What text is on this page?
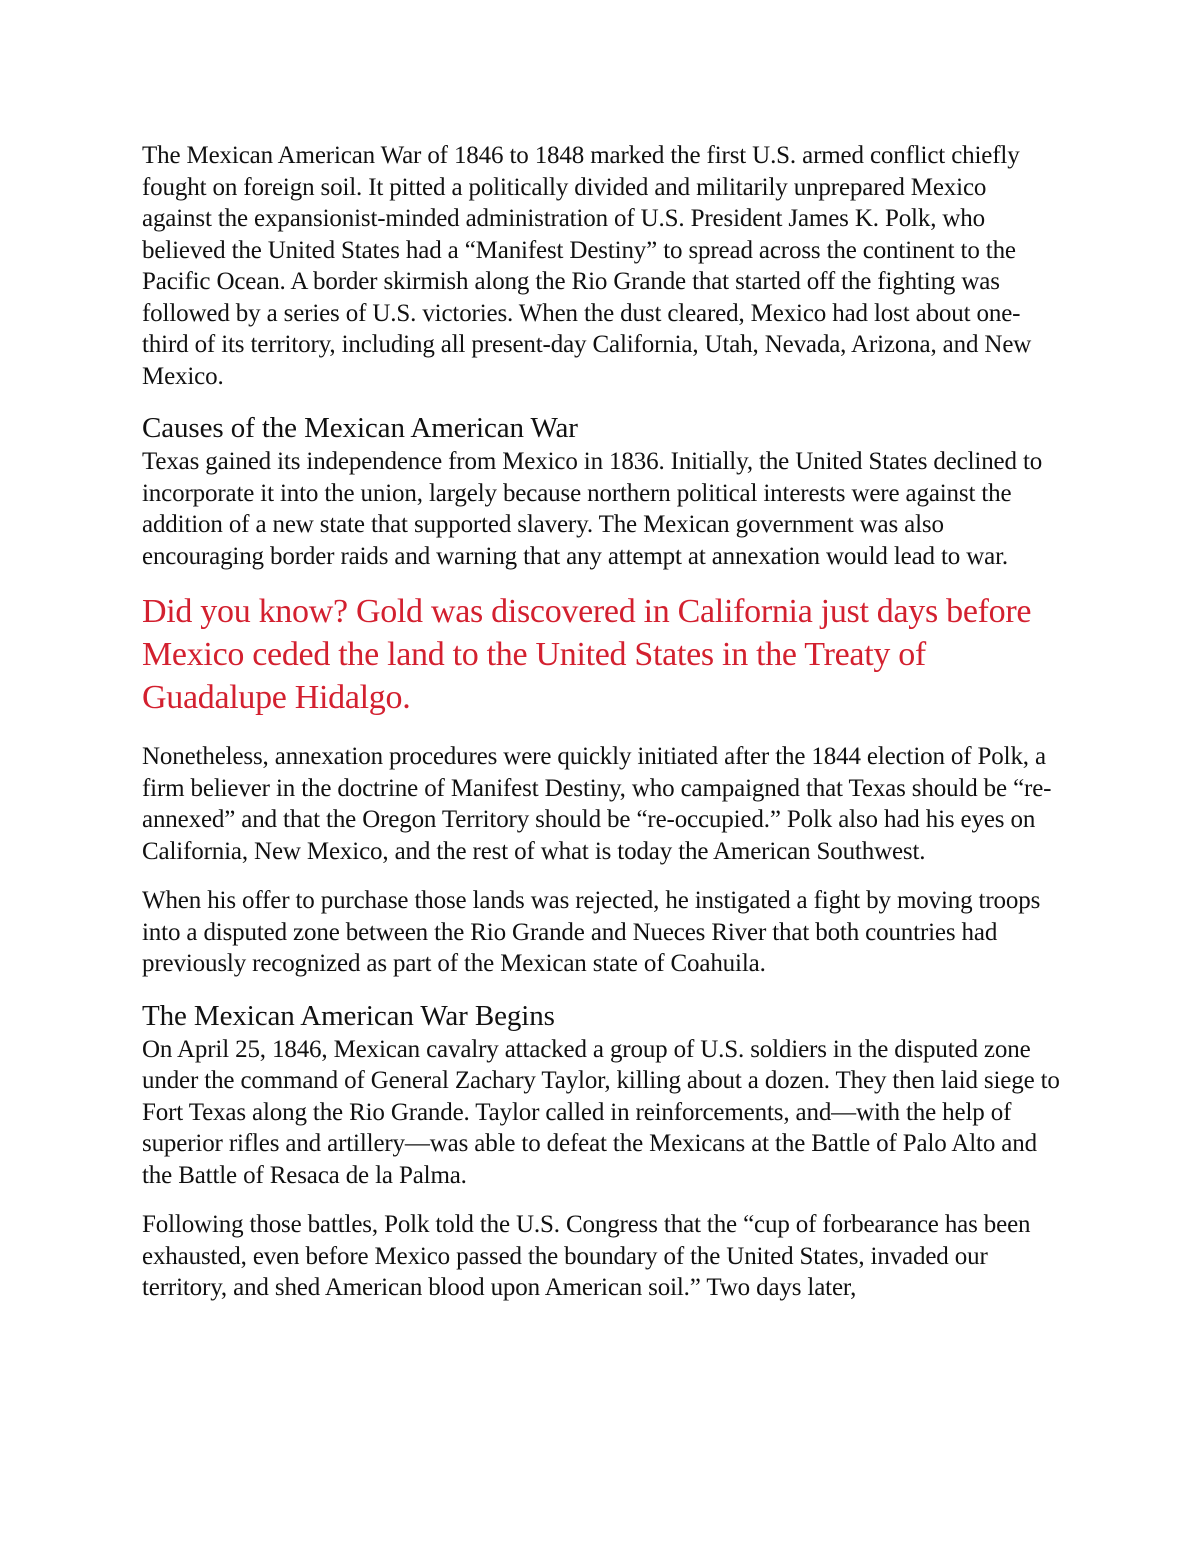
The Mexican American War of 1846 to 1848 marked the first U.S. armed conflict chiefly fought on foreign soil. It pitted a politically divided and militarily unprepared Mexico against the expansionist-minded administration of U.S. President James K. Polk, who believed the United States had a “Manifest Destiny” to spread across the continent to the Pacific Ocean. A border skirmish along the Rio Grande that started off the fighting was followed by a series of U.S. victories. When the dust cleared, Mexico had lost about one-third of its territory, including all present-day California, Utah, Nevada, Arizona, and New Mexico.

Causes of the Mexican American War

Texas gained its independence from Mexico in 1836. Initially, the United States declined to incorporate it into the union, largely because northern political interests were against the addition of a new state that supported slavery. The Mexican government was also encouraging border raids and warning that any attempt at annexation would lead to war.

Did you know? Gold was discovered in California just days before Mexico ceded the land to the United States in the Treaty of Guadalupe Hidalgo.

Nonetheless, annexation procedures were quickly initiated after the 1844 election of Polk, a firm believer in the doctrine of Manifest Destiny, who campaigned that Texas should be “re-annexed” and that the Oregon Territory should be “re-occupied.” Polk also had his eyes on California, New Mexico, and the rest of what is today the American Southwest.

When his offer to purchase those lands was rejected, he instigated a fight by moving troops into a disputed zone between the Rio Grande and Nueces River that both countries had previously recognized as part of the Mexican state of Coahuila.

The Mexican American War Begins

On April 25, 1846, Mexican cavalry attacked a group of U.S. soldiers in the disputed zone under the command of General Zachary Taylor, killing about a dozen. They then laid siege to Fort Texas along the Rio Grande. Taylor called in reinforcements, and—with the help of superior rifles and artillery—was able to defeat the Mexicans at the Battle of Palo Alto and the Battle of Resaca de la Palma.

Following those battles, Polk told the U.S. Congress that the “cup of forbearance has been exhausted, even before Mexico passed the boundary of the United States, invaded our territory, and shed American blood upon American soil.” Two days later,
